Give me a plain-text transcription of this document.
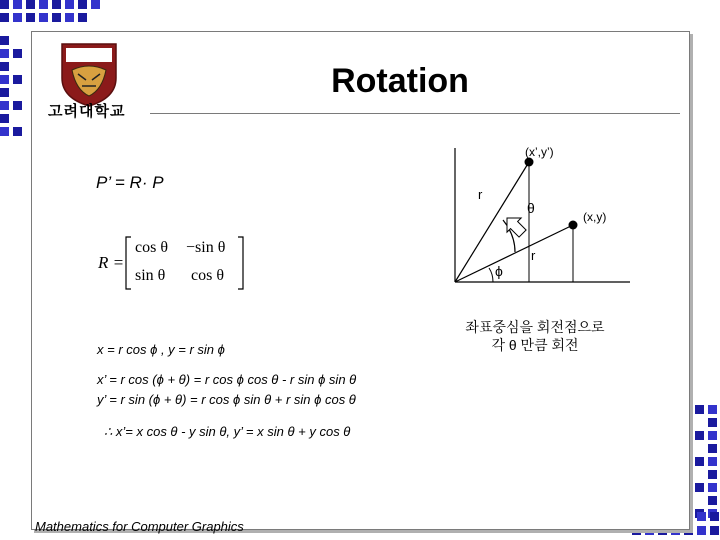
고려대학교
Rotation
P’ = R· P
R =
cos θ −sin θ
sin θ cos θ
(x’,y’)
(x,y)
r
r
θ
ϕ
좌표중심을 회전점으로
각 θ 만큼 회전
x = r cos ϕ , y = r sin ϕ
x’ = r cos (ϕ + θ) = r cos ϕ cos θ - r sin ϕ sin θ
y’ = r sin (ϕ + θ) = r cos ϕ sin θ + r sin ϕ cos θ
∴ x’= x cos θ - y sin θ, y’ = x sin θ + y cos θ
Mathematics for Computer Graphics
